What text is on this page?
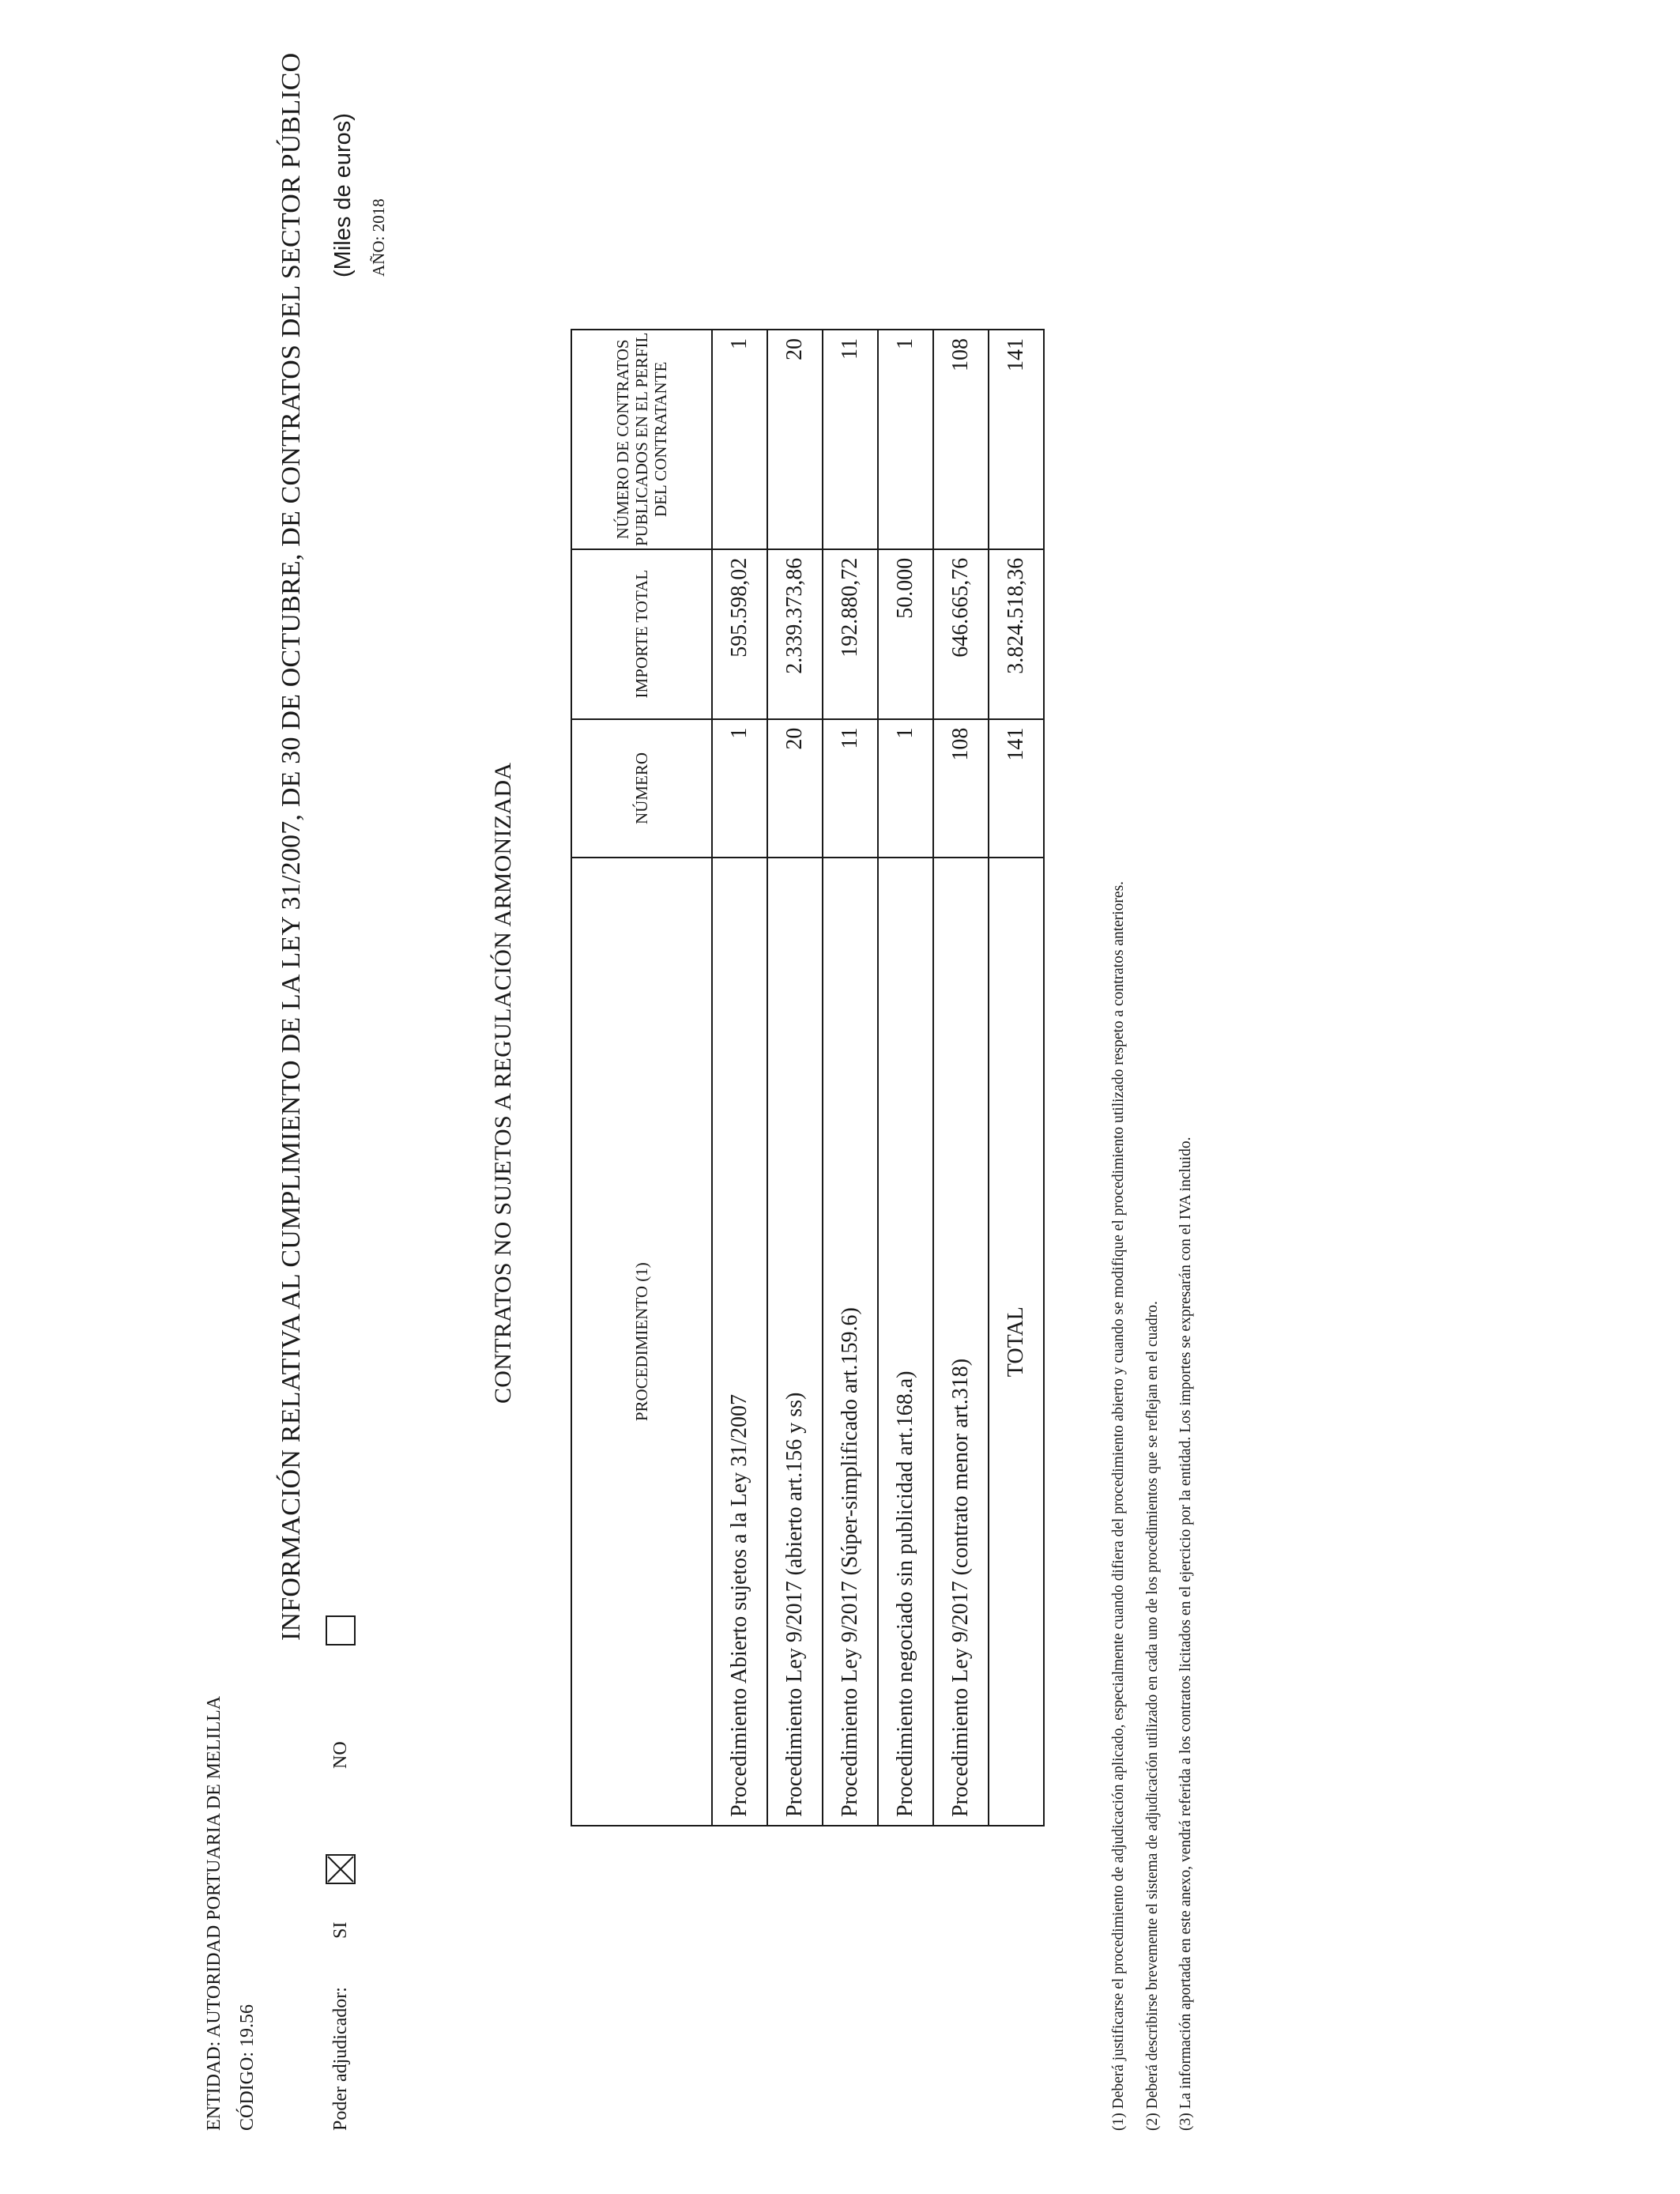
INFORMACIÓN RELATIVA AL CUMPLIMIENTO DE LA LEY 31/2007, DE 30 DE OCTUBRE, DE CONTRATOS DEL SECTOR PÚBLICO (Miles de euros) AÑO: 2018
ENTIDAD: AUTORIDAD PORTUARIA DE MELILLA
CÓDIGO: 19.56	Poder adjudicador:
SI
NO
CONTRATOS NO SUJETOS A REGULACIÓN ARMONIZADA	PROCEDIMIENTO (1)	NÚMERO	IMPORTE TOTAL	NÚMERO DE CONTRATOS PUBLICADOS EN EL PERFIL DEL CONTRATANTE
Procedimiento Abierto sujetos a la Ley 31/2007	1	595.598,02	1
Procedimiento Ley 9/2017 (abierto art.156 y ss)	20	2.339.373,86	20
Procedimiento Ley 9/2017 (Súper-simplificado art.159.6)	11	192.880,72	11
Procedimiento negociado sin publicidad art.168.a)	1	50.000	1
Procedimiento Ley 9/2017 (contrato menor art.318)	108	646.665,76	108
TOTAL	141	3.824.518,36	141
(1) Deberá justificarse el procedimiento de adjudicación aplicado, especialmente cuando difiera del procedimiento abierto y cuando se modifique el procedimiento utilizado respeto a contratos anteriores. (2) Deberá describirse brevemente el sistema de adjudicación utilizado en cada uno de los procedimientos que se reflejan en el cuadro. (3) La información aportada en este anexo, vendrá referida a los contratos licitados en el ejercicio por la entidad. Los importes se expresarán con el IVA incluido.
